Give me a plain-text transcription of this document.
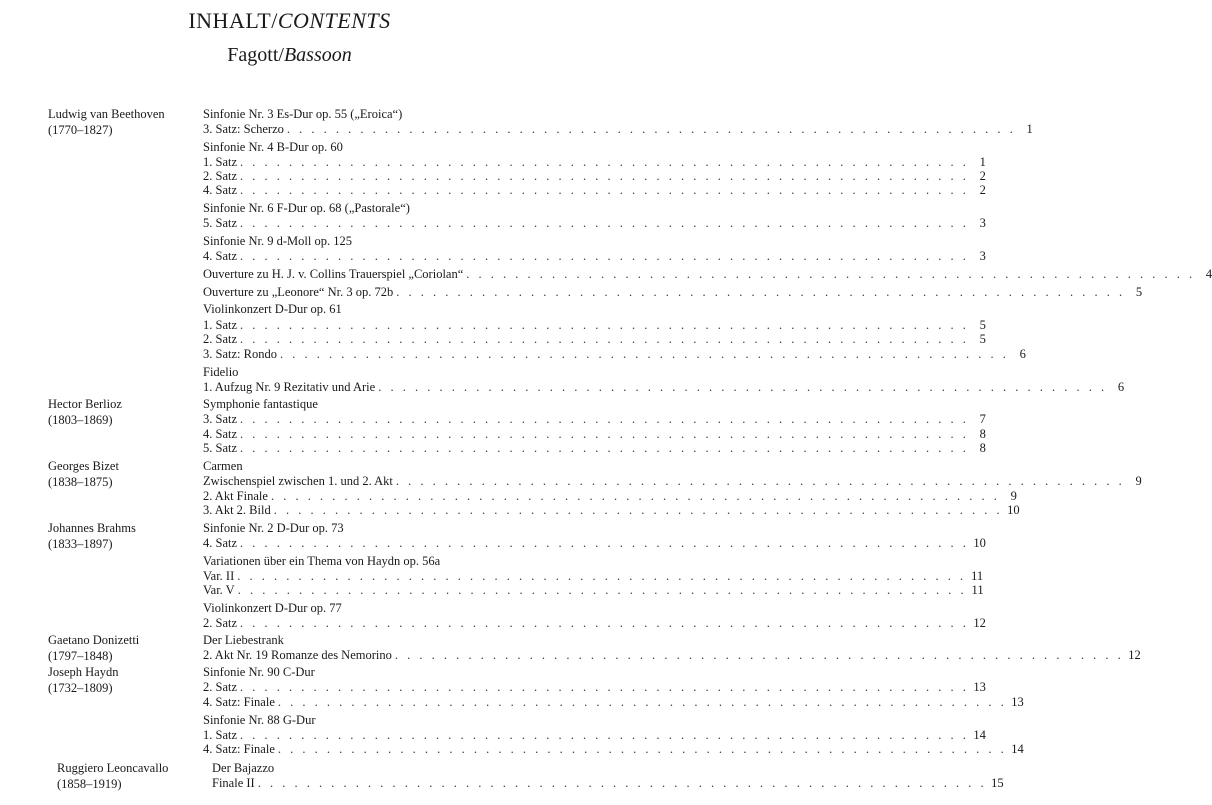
INHALT/CONTENTS
Fagott/Bassoon
Ludwig van Beethoven
(1770–1827)
Hector Berlioz
(1803–1869)
Georges Bizet
(1838–1875)
Johannes Brahms
(1833–1897)
Gaetano Donizetti
(1797–1848)
Joseph Haydn
(1732–1809)
Ruggiero Leoncavallo
(1858–1919)
Sinfonie Nr. 3 Es-Dur op. 55 („Eroica“)
3. Satz: Scherzo . . . . . . . . . . . . . . . . . . . . . . . . . . . . . . . . . . . . . . . . . . . . . . . . . . . . . . . . . . . . 1
Sinfonie Nr. 4 B-Dur op. 60
1. Satz . . . . . . . . . . . . . . . . . . . . . . . . . . . . . . . . . . . . . . . . . . . . . . . . . . . . . . . . . . . . 1
2. Satz . . . . . . . . . . . . . . . . . . . . . . . . . . . . . . . . . . . . . . . . . . . . . . . . . . . . . . . . . . . . 2
4. Satz . . . . . . . . . . . . . . . . . . . . . . . . . . . . . . . . . . . . . . . . . . . . . . . . . . . . . . . . . . . . 2
Sinfonie Nr. 6 F-Dur op. 68 („Pastorale“)
5. Satz . . . . . . . . . . . . . . . . . . . . . . . . . . . . . . . . . . . . . . . . . . . . . . . . . . . . . . . . . . . . 3
Sinfonie Nr. 9 d-Moll op. 125
4. Satz . . . . . . . . . . . . . . . . . . . . . . . . . . . . . . . . . . . . . . . . . . . . . . . . . . . . . . . . . . . . 3
Ouverture zu H. J. v. Collins Trauerspiel „Coriolan“ . . . . . . . . . . . . . . . . . . . . . . . . . . . . . . . . . . . . . . . . . . . . . . . . . . . . . . . . . . . . 4
Ouverture zu „Leonore“ Nr. 3 op. 72b . . . . . . . . . . . . . . . . . . . . . . . . . . . . . . . . . . . . . . . . . . . . . . . . . . . . . . . . . . . . 5
Violinkonzert D-Dur op. 61
1. Satz . . . . . . . . . . . . . . . . . . . . . . . . . . . . . . . . . . . . . . . . . . . . . . . . . . . . . . . . . . . . 5
2. Satz . . . . . . . . . . . . . . . . . . . . . . . . . . . . . . . . . . . . . . . . . . . . . . . . . . . . . . . . . . . . 5
3. Satz: Rondo . . . . . . . . . . . . . . . . . . . . . . . . . . . . . . . . . . . . . . . . . . . . . . . . . . . . . . . . . . . . 6
Fidelio
1. Aufzug Nr. 9 Rezitativ und Arie . . . . . . . . . . . . . . . . . . . . . . . . . . . . . . . . . . . . . . . . . . . . . . . . . . . . . . . . . . . . 6
Symphonie fantastique
3. Satz . . . . . . . . . . . . . . . . . . . . . . . . . . . . . . . . . . . . . . . . . . . . . . . . . . . . . . . . . . . . 7
4. Satz . . . . . . . . . . . . . . . . . . . . . . . . . . . . . . . . . . . . . . . . . . . . . . . . . . . . . . . . . . . . 8
5. Satz . . . . . . . . . . . . . . . . . . . . . . . . . . . . . . . . . . . . . . . . . . . . . . . . . . . . . . . . . . . . 8
Carmen
Zwischenspiel zwischen 1. und 2. Akt . . . . . . . . . . . . . . . . . . . . . . . . . . . . . . . . . . . . . . . . . . . . . . . . . . . . . . . . . . . . 9
2. Akt Finale . . . . . . . . . . . . . . . . . . . . . . . . . . . . . . . . . . . . . . . . . . . . . . . . . . . . . . . . . . . . 9
3. Akt 2. Bild . . . . . . . . . . . . . . . . . . . . . . . . . . . . . . . . . . . . . . . . . . . . . . . . . . . . . . . . . . . . 10
Sinfonie Nr. 2 D-Dur op. 73
4. Satz . . . . . . . . . . . . . . . . . . . . . . . . . . . . . . . . . . . . . . . . . . . . . . . . . . . . . . . . . . . . 10
Variationen über ein Thema von Haydn op. 56a
Var. II . . . . . . . . . . . . . . . . . . . . . . . . . . . . . . . . . . . . . . . . . . . . . . . . . . . . . . . . . . . . 11
Var. V . . . . . . . . . . . . . . . . . . . . . . . . . . . . . . . . . . . . . . . . . . . . . . . . . . . . . . . . . . . . 11
Violinkonzert D-Dur op. 77
2. Satz . . . . . . . . . . . . . . . . . . . . . . . . . . . . . . . . . . . . . . . . . . . . . . . . . . . . . . . . . . . . 12
Der Liebestrank
2. Akt Nr. 19 Romanze des Nemorino . . . . . . . . . . . . . . . . . . . . . . . . . . . . . . . . . . . . . . . . . . . . . . . . . . . . . . . . . . . . 12
Sinfonie Nr. 90 C-Dur
2. Satz . . . . . . . . . . . . . . . . . . . . . . . . . . . . . . . . . . . . . . . . . . . . . . . . . . . . . . . . . . . . 13
4. Satz: Finale . . . . . . . . . . . . . . . . . . . . . . . . . . . . . . . . . . . . . . . . . . . . . . . . . . . . . . . . . . . . 13
Sinfonie Nr. 88 G-Dur
1. Satz . . . . . . . . . . . . . . . . . . . . . . . . . . . . . . . . . . . . . . . . . . . . . . . . . . . . . . . . . . . . 14
4. Satz: Finale . . . . . . . . . . . . . . . . . . . . . . . . . . . . . . . . . . . . . . . . . . . . . . . . . . . . . . . . . . . . 14
Der Bajazzo
Finale II . . . . . . . . . . . . . . . . . . . . . . . . . . . . . . . . . . . . . . . . . . . . . . . . . . . . . . . . . . . . 15
